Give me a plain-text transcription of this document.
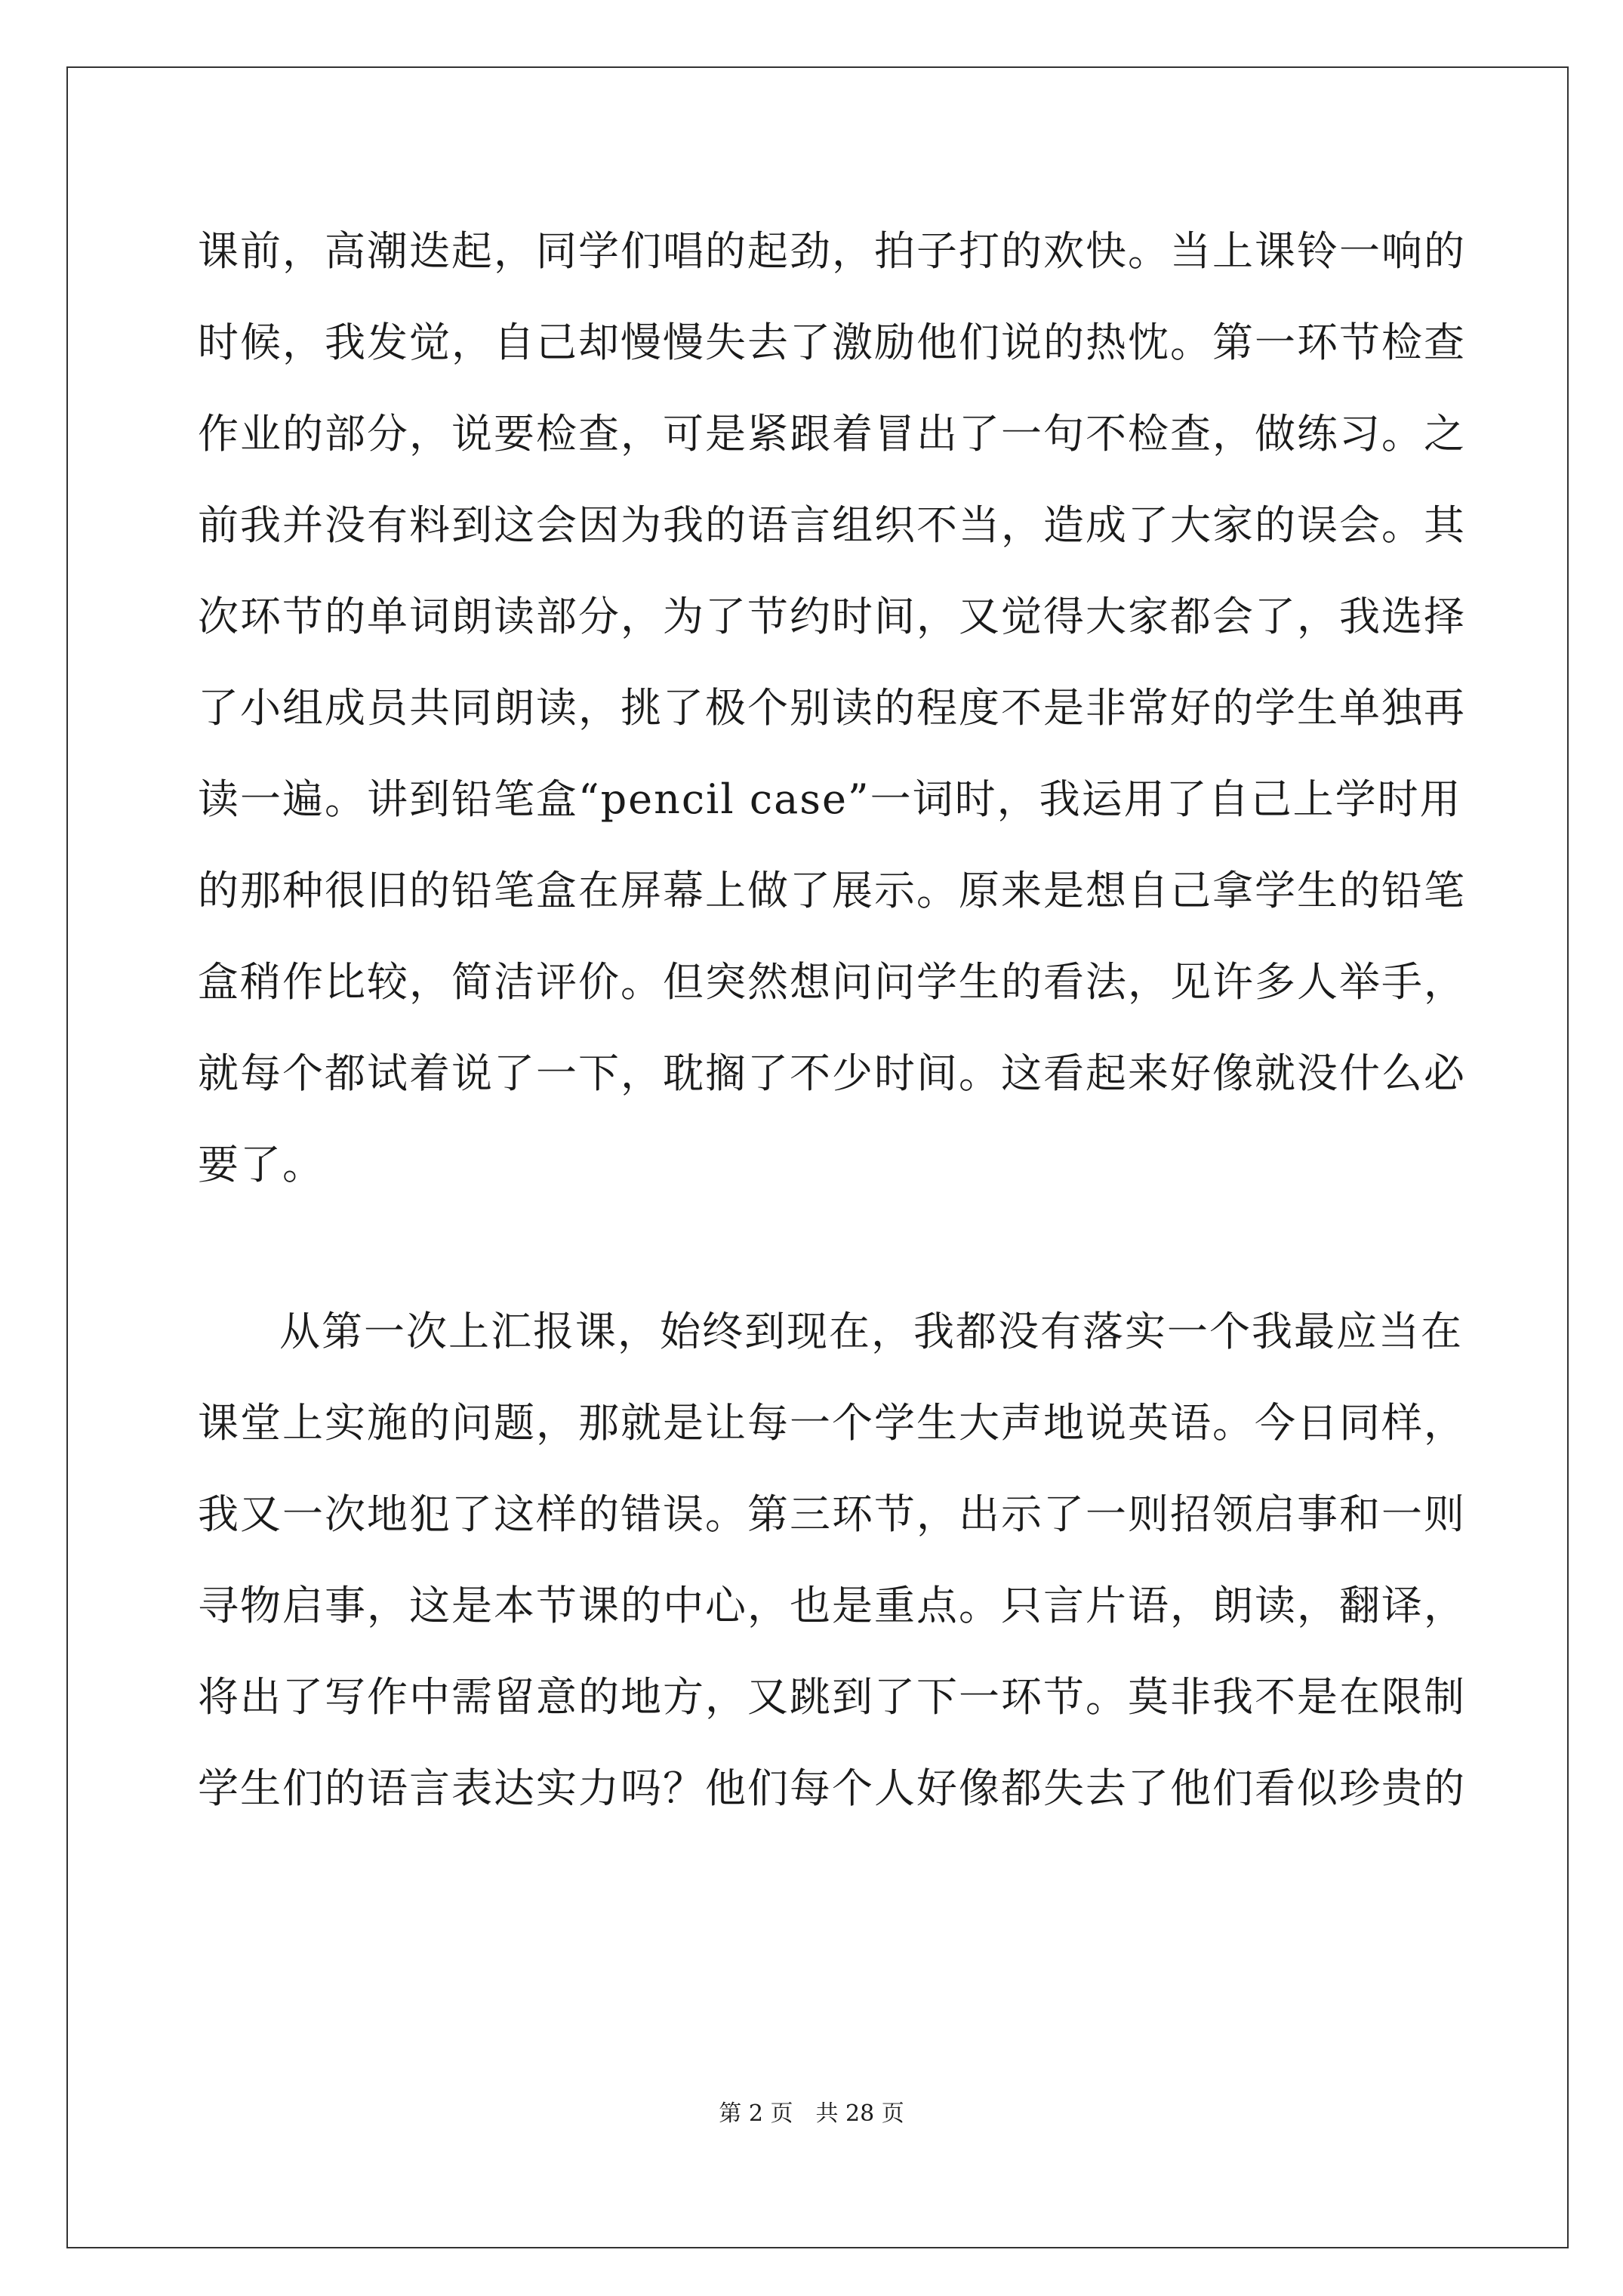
课前，高潮迭起，同学们唱的起劲，拍子打的欢快。当上课铃一响的
时候，我发觉，自己却慢慢失去了激励他们说的热忱。第一环节检查
作业的部分，说要检查，可是紧跟着冒出了一句不检查，做练习。之
前我并没有料到这会因为我的语言组织不当，造成了大家的误会。其
次环节的单词朗读部分，为了节约时间，又觉得大家都会了，我选择
了小组成员共同朗读，挑了极个别读的程度不是非常好的学生单独再
读一遍。讲到铅笔盒“pencil case”一词时，我运用了自己上学时用
的那种很旧的铅笔盒在屏幕上做了展示。原来是想自己拿学生的铅笔
盒稍作比较，简洁评价。但突然想问问学生的看法，见许多人举手，
就每个都试着说了一下，耽搁了不少时间。这看起来好像就没什么必
要了。
从第一次上汇报课，始终到现在，我都没有落实一个我最应当在
课堂上实施的问题，那就是让每一个学生大声地说英语。今日同样，
我又一次地犯了这样的错误。第三环节，出示了一则招领启事和一则
寻物启事，这是本节课的中心，也是重点。只言片语，朗读，翻译，
将出了写作中需留意的地方，又跳到了下一环节。莫非我不是在限制
学生们的语言表达实力吗？他们每个人好像都失去了他们看似珍贵的
第 2 页　共 28 页
